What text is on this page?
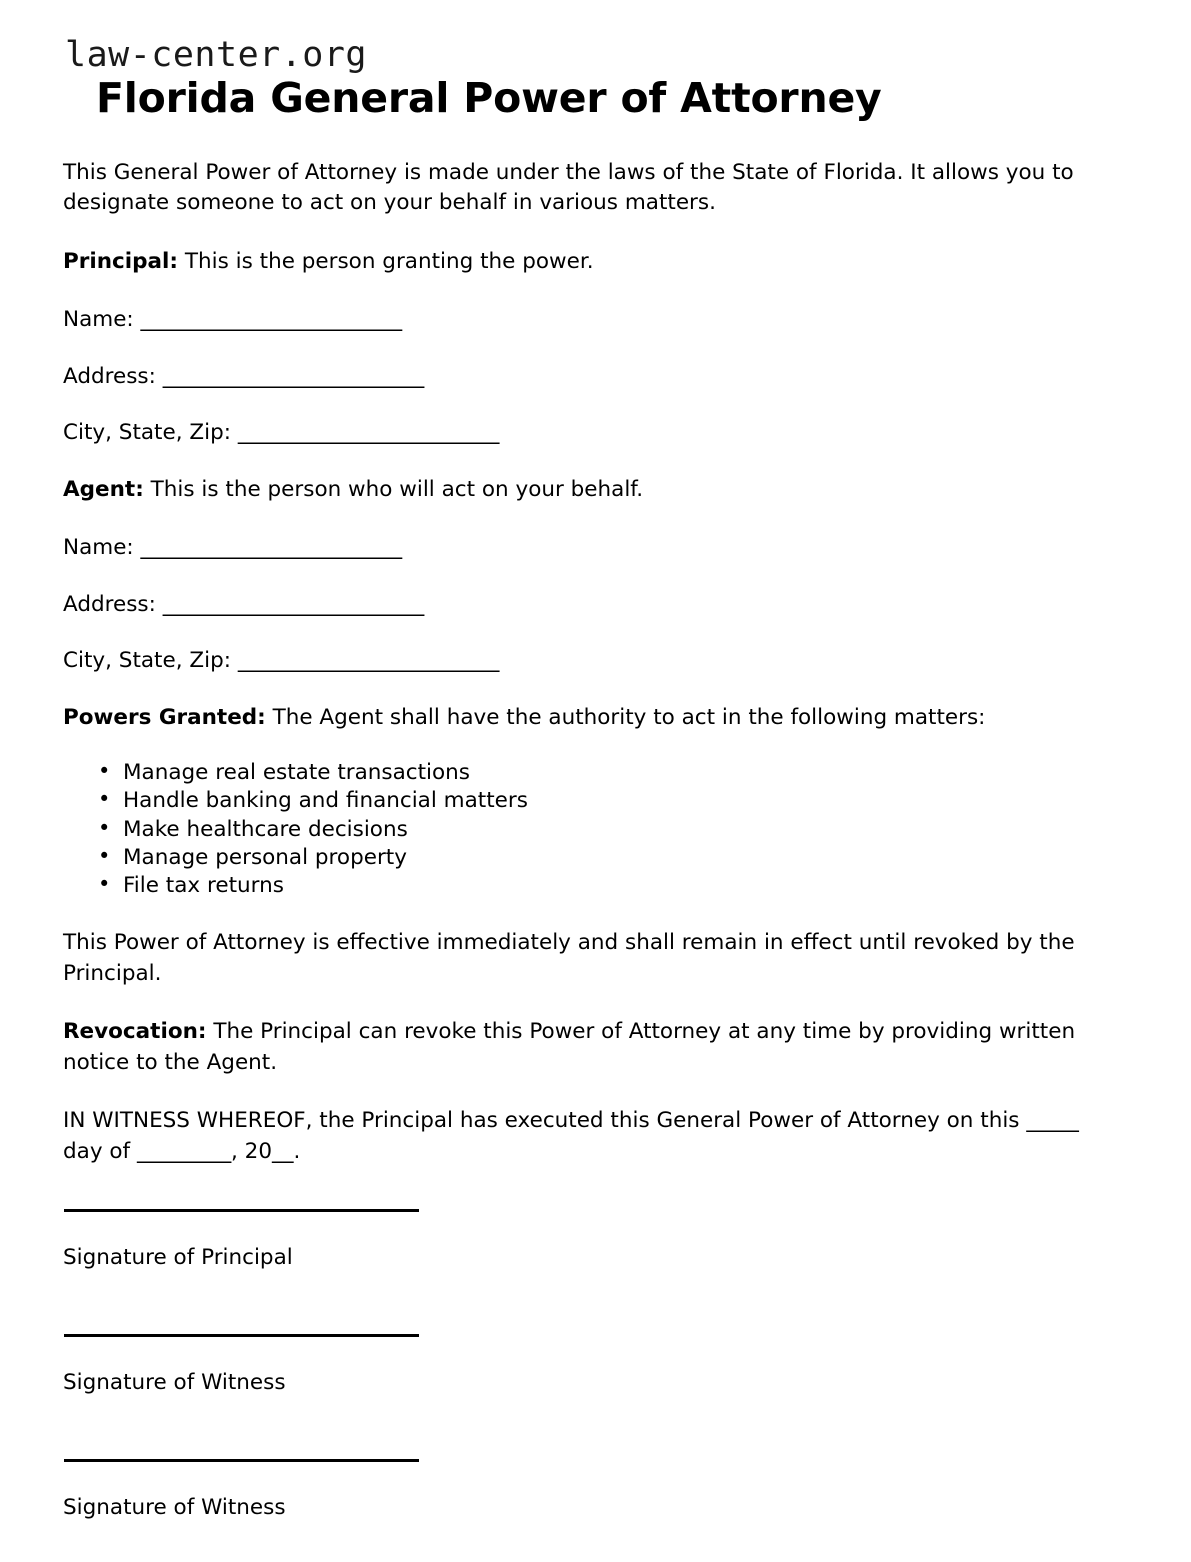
law-center.org
Florida General Power of Attorney

This General Power of Attorney is made under the laws of the State of Florida. It allows you to designate someone to act on your behalf in various matters.

Principal: This is the person granting the power.

Name: _________________________
Address: _________________________
City, State, Zip: _________________________

Agent: This is the person who will act on your behalf.

Name: _________________________
Address: _________________________
City, State, Zip: _________________________

Powers Granted: The Agent shall have the authority to act in the following matters:

• Manage real estate transactions
• Handle banking and financial matters
• Make healthcare decisions
• Manage personal property
• File tax returns

This Power of Attorney is effective immediately and shall remain in effect until revoked by the Principal.

Revocation: The Principal can revoke this Power of Attorney at any time by providing written notice to the Agent.

IN WITNESS WHEREOF, the Principal has executed this General Power of Attorney on this _____ day of _________, 20__.

Signature of Principal

Signature of Witness

Signature of Witness
